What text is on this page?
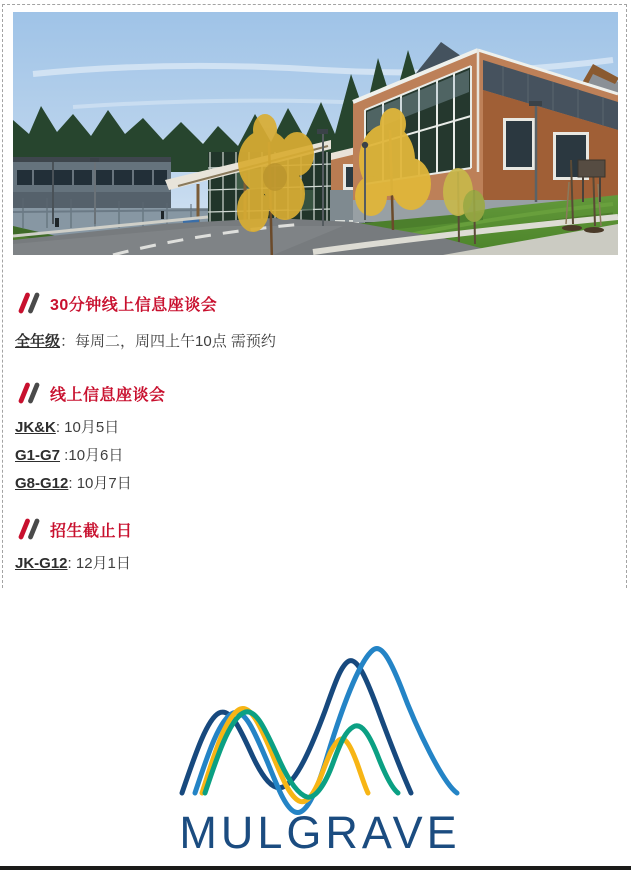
30分钟线上信息座谈会

全年级：每周二，周四上午10点 需预约

线上信息座谈会

JK&K: 10月5日

G1-G7 :10月6日

G8-G12: 10月7日

招生截止日

JK-G12: 12月1日

MULGRAVE
